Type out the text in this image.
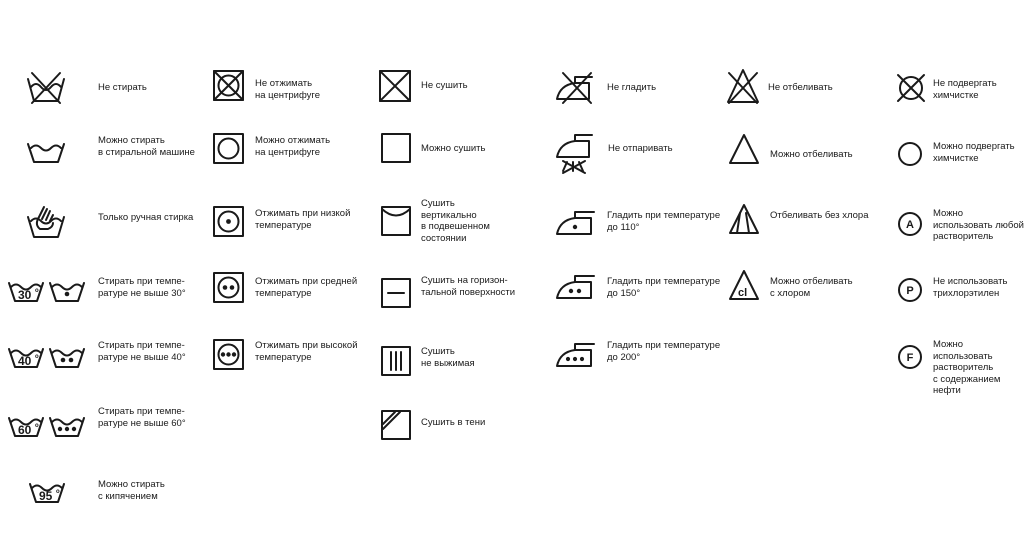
Не стирать
Можно стирать
в стиральной машине
Только ручная стирка
30 o
Стирать при темпе-
ратуре не выше 30°
40 o
Стирать при темпе-
ратуре не выше 40°
60 o
Стирать при темпе-
ратуре не выше 60°
95 o
Можно стирать
с кипячением
Не отжимать
на центрифуге
Можно отжимать
на центрифуге
Отжимать при низкой
температуре
Отжимать при средней
температуре
Отжимать при высокой
температуре
Не сушить
Можно сушить
Сушить
вертикально
в подвешенном
состоянии
Сушить на горизон-
тальной поверхности
Сушить
не выжимая
Сушить в тени
Не гладить
Не отпаривать
Гладить при температуре
до 110°
Гладить при температуре
до 150°
Гладить при температуре
до 200°
Не отбеливать
Можно отбеливать
Отбеливать без хлора
cl
Можно отбеливать
с хлором
Не подвергать
химчистке
Можно подвергать
химчистке
A
Можно
использовать любой
растворитель
P
Не использовать
трихлорэтилен
F
Можно
использовать
растворитель
с содержанием
нефти
